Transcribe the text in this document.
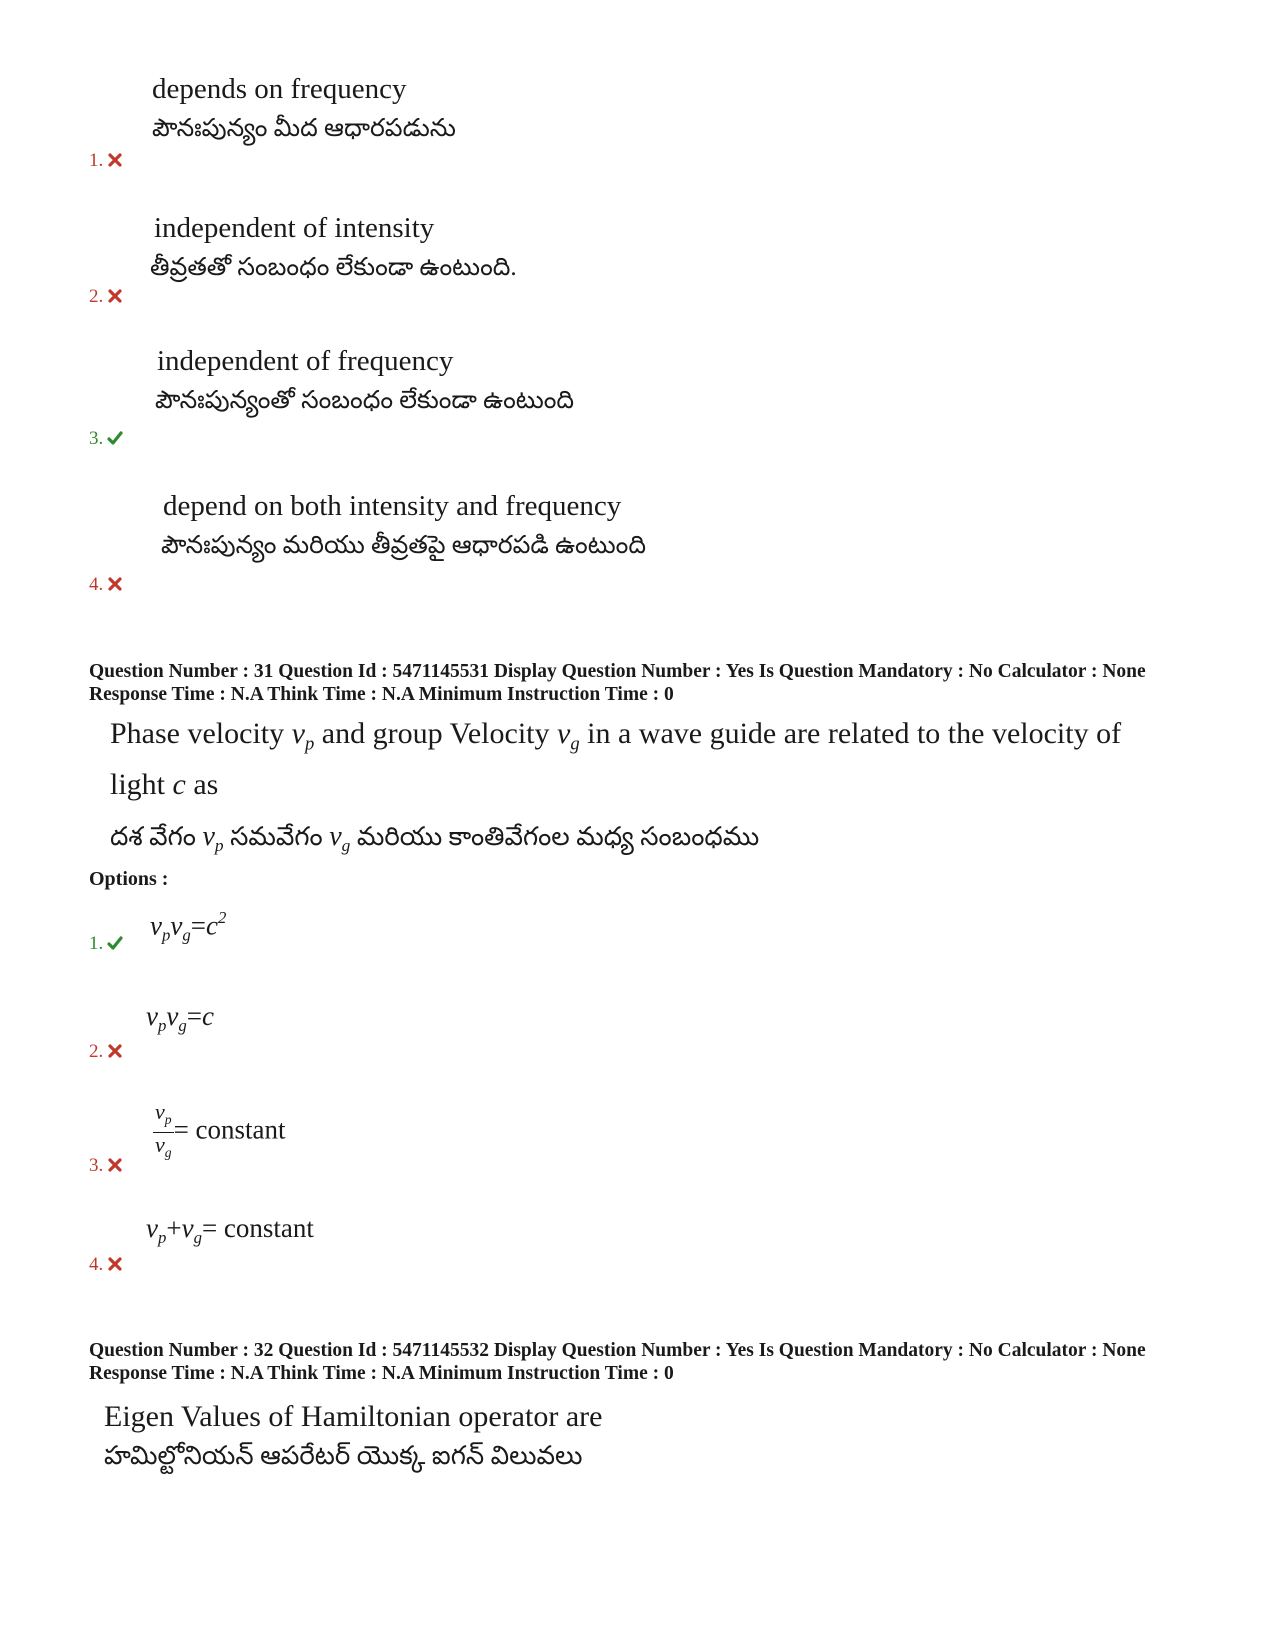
depends on frequency
పౌనఃపున్యం మీద ఆధారపడును
1.
independent of intensity
తీవ్రతతో సంబంధం లేకుండా ఉంటుంది.
2.
independent of frequency
పౌనఃపున్యంతో సంబంధం లేకుండా ఉంటుంది
3.
depend on both intensity and frequency
పౌనఃపున్యం మరియు తీవ్రతపై ఆధారపడి ఉంటుంది
4.
Question Number : 31 Question Id : 5471145531 Display Question Number : Yes Is Question Mandatory : No Calculator : None Response Time : N.A Think Time : N.A Minimum Instruction Time : 0
Phase velocity $v_p$ and group Velocity $v_g$ in a wave guide are related to the velocity of
light c as
దశ వేగం $v_p$ సమవేగం $v_g$ మరియు కాంతివేగంల మధ్య సంబంధము
Options :
$v_pv_g=c^2$
1.
$v_pv_g=c$
2.
$\frac{v_p}{v_g}$ = constant
3.
$v_p+v_g=$ constant
4.
Question Number : 32 Question Id : 5471145532 Display Question Number : Yes Is Question Mandatory : No Calculator : None Response Time : N.A Think Time : N.A Minimum Instruction Time : 0
Eigen Values of Hamiltonian operator are
హమిల్టోనియన్ ఆపరేటర్ యొక్క ఐగన్ విలువలు
